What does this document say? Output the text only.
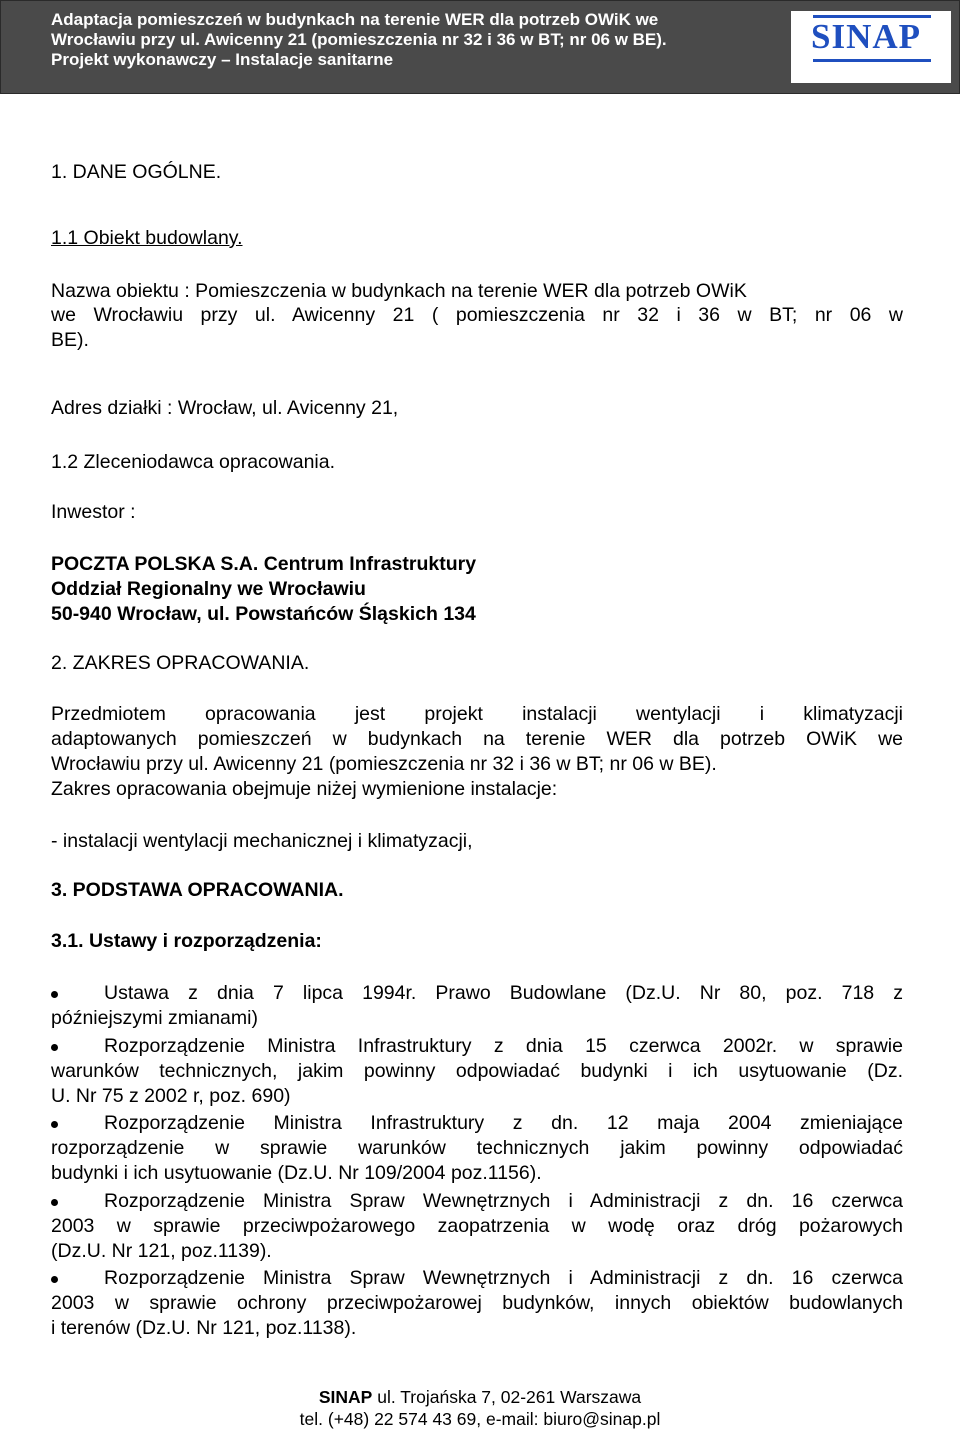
Adaptacja pomieszczeń w budynkach na terenie WER dla potrzeb OWiK we
Wrocławiu przy ul. Awicenny 21 (pomieszczenia nr 32 i 36 w BT; nr 06 w BE).
Projekt wykonawczy – Instalacje sanitarne
SINAP
1. DANE OGÓLNE.
1.1 Obiekt budowlany.
Nazwa obiektu : Pomieszczenia w budynkach na terenie WER dla potrzeb OWiK
we Wrocławiu przy ul. Awicenny 21 ( pomieszczenia nr 32 i 36 w BT; nr 06 w
BE).
Adres działki : Wrocław, ul. Avicenny 21,
1.2 Zleceniodawca opracowania.
Inwestor :
POCZTA POLSKA S.A. Centrum Infrastruktury
Oddział Regionalny we Wrocławiu
50-940 Wrocław, ul. Powstańców Śląskich 134
2. ZAKRES OPRACOWANIA.
Przedmiotem opracowania jest projekt instalacji wentylacji i klimatyzacji
adaptowanych pomieszczeń w budynkach na terenie WER dla potrzeb OWiK we
Wrocławiu przy ul. Awicenny 21 (pomieszczenia nr 32 i 36 w BT; nr 06 w BE).
Zakres opracowania obejmuje niżej wymienione instalacje:
- instalacji wentylacji mechanicznej i klimatyzacji,
3. PODSTAWA OPRACOWANIA.
3.1. Ustawy i rozporządzenia:
Ustawa z dnia 7 lipca 1994r. Prawo Budowlane (Dz.U. Nr 80, poz. 718 z
późniejszymi zmianami)
Rozporządzenie Ministra Infrastruktury z dnia 15 czerwca 2002r. w sprawie
warunków technicznych, jakim powinny odpowiadać budynki i ich usytuowanie (Dz.
U. Nr 75 z 2002 r, poz. 690)
Rozporządzenie Ministra Infrastruktury z dn. 12 maja 2004 zmieniające
rozporządzenie w sprawie warunków technicznych jakim powinny odpowiadać
budynki i ich usytuowanie (Dz.U. Nr 109/2004 poz.1156).
Rozporządzenie Ministra Spraw Wewnętrznych i Administracji z dn. 16 czerwca
2003 w sprawie przeciwpożarowego zaopatrzenia w wodę oraz dróg pożarowych
(Dz.U. Nr 121, poz.1139).
Rozporządzenie Ministra Spraw Wewnętrznych i Administracji z dn. 16 czerwca
2003 w sprawie ochrony przeciwpożarowej budynków, innych obiektów budowlanych
i terenów (Dz.U. Nr 121, poz.1138).
SINAP ul. Trojańska 7, 02-261 Warszawa
tel. (+48) 22 574 43 69, e-mail: biuro@sinap.pl
